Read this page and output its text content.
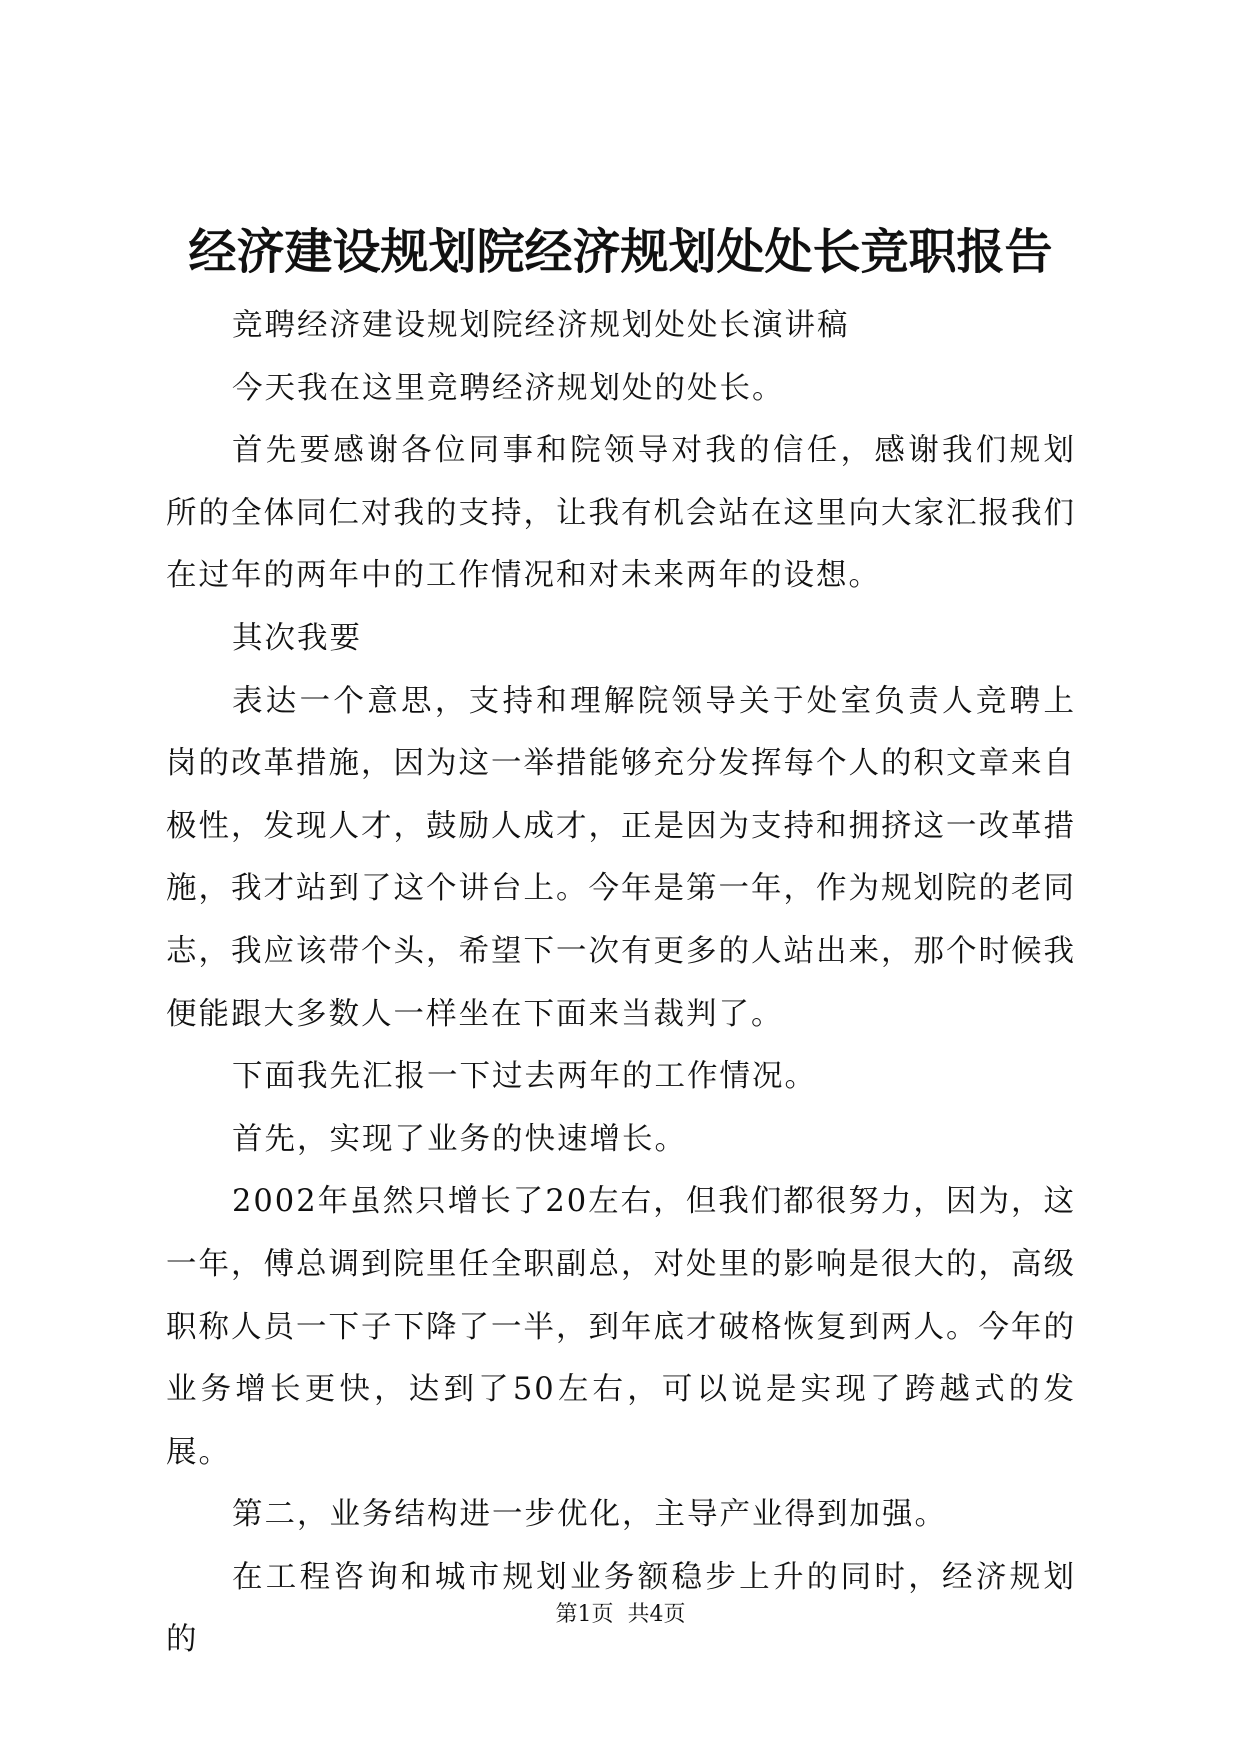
经济建设规划院经济规划处处长竞职报告

竞聘经济建设规划院经济规划处处长演讲稿

今天我在这里竞聘经济规划处的处长。

首先要感谢各位同事和院领导对我的信任，感谢我们规划所的全体同仁对我的支持，让我有机会站在这里向大家汇报我们在过年的两年中的工作情况和对未来两年的设想。

其次我要

表达一个意思，支持和理解院领导关于处室负责人竞聘上岗的改革措施，因为这一举措能够充分发挥每个人的积文章来自极性，发现人才，鼓励人成才，正是因为支持和拥挤这一改革措施，我才站到了这个讲台上。今年是第一年，作为规划院的老同志，我应该带个头，希望下一次有更多的人站出来，那个时候我便能跟大多数人一样坐在下面来当裁判了。

下面我先汇报一下过去两年的工作情况。

首先，实现了业务的快速增长。

2002年虽然只增长了20左右，但我们都很努力，因为，这一年，傅总调到院里任全职副总，对处里的影响是很大的，高级职称人员一下子下降了一半，到年底才破格恢复到两人。今年的业务增长更快，达到了50左右，可以说是实现了跨越式的发展。

第二，业务结构进一步优化，主导产业得到加强。

在工程咨询和城市规划业务额稳步上升的同时，经济规划的

第1页 共4页
